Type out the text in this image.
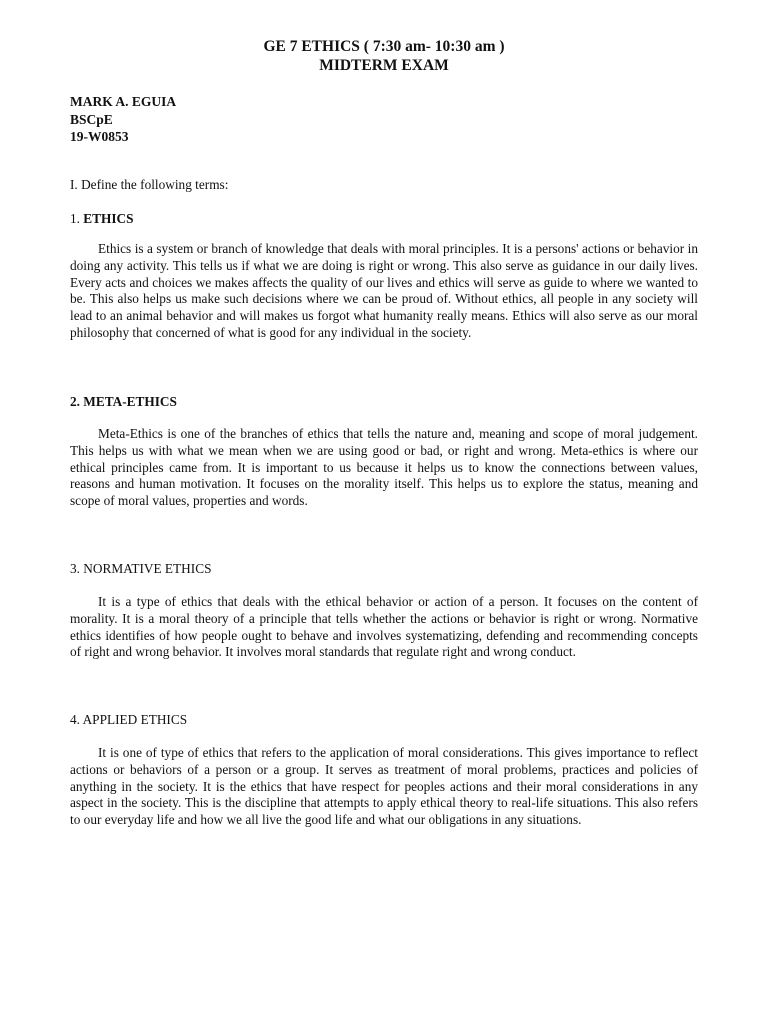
GE 7 ETHICS ( 7:30 am- 10:30 am )
MIDTERM EXAM
MARK A. EGUIA
BSCpE
19-W0853
I. Define the following terms:
1. ETHICS

Ethics is a system or branch of knowledge that deals with moral principles. It is a persons' actions or behavior in doing any activity. This tells us if what we are doing is right or wrong. This also serve as guidance in our daily lives. Every acts and choices we makes affects the quality of our lives and ethics will serve as guide to where we wanted to be. This also helps us make such decisions where we can be proud of. Without ethics, all people in any society will lead to an animal behavior and will makes us forgot what humanity really means. Ethics will also serve as our moral philosophy that concerned of what is good for any individual in the society.

2. META-ETHICS

Meta-Ethics is one of the branches of ethics that tells the nature and, meaning and scope of moral judgement. This helps us with what we mean when we are using good or bad, or right and wrong. Meta-ethics is where our ethical principles came from. It is important to us because it helps us to know the connections between values, reasons and human motivation. It focuses on the morality itself. This helps us to explore the status, meaning and scope of moral values, properties and words.

3. NORMATIVE ETHICS

It is a type of ethics that deals with the ethical behavior or action of a person. It focuses on the content of morality. It is a moral theory of a principle that tells whether the actions or behavior is right or wrong. Normative ethics identifies of how people ought to behave and involves systematizing, defending and recommending concepts of right and wrong behavior. It involves moral standards that regulate right and wrong conduct.

4. APPLIED ETHICS

It is one of type of ethics that refers to the application of moral considerations. This gives importance to reflect actions or behaviors of a person or a group. It serves as treatment of moral problems, practices and policies of anything in the society. It is the ethics that have respect for peoples actions and their moral considerations in any aspect in the society. This is the discipline that attempts to apply ethical theory to real-life situations. This also refers to our everyday life and how we all live the good life and what our obligations in any situations.
